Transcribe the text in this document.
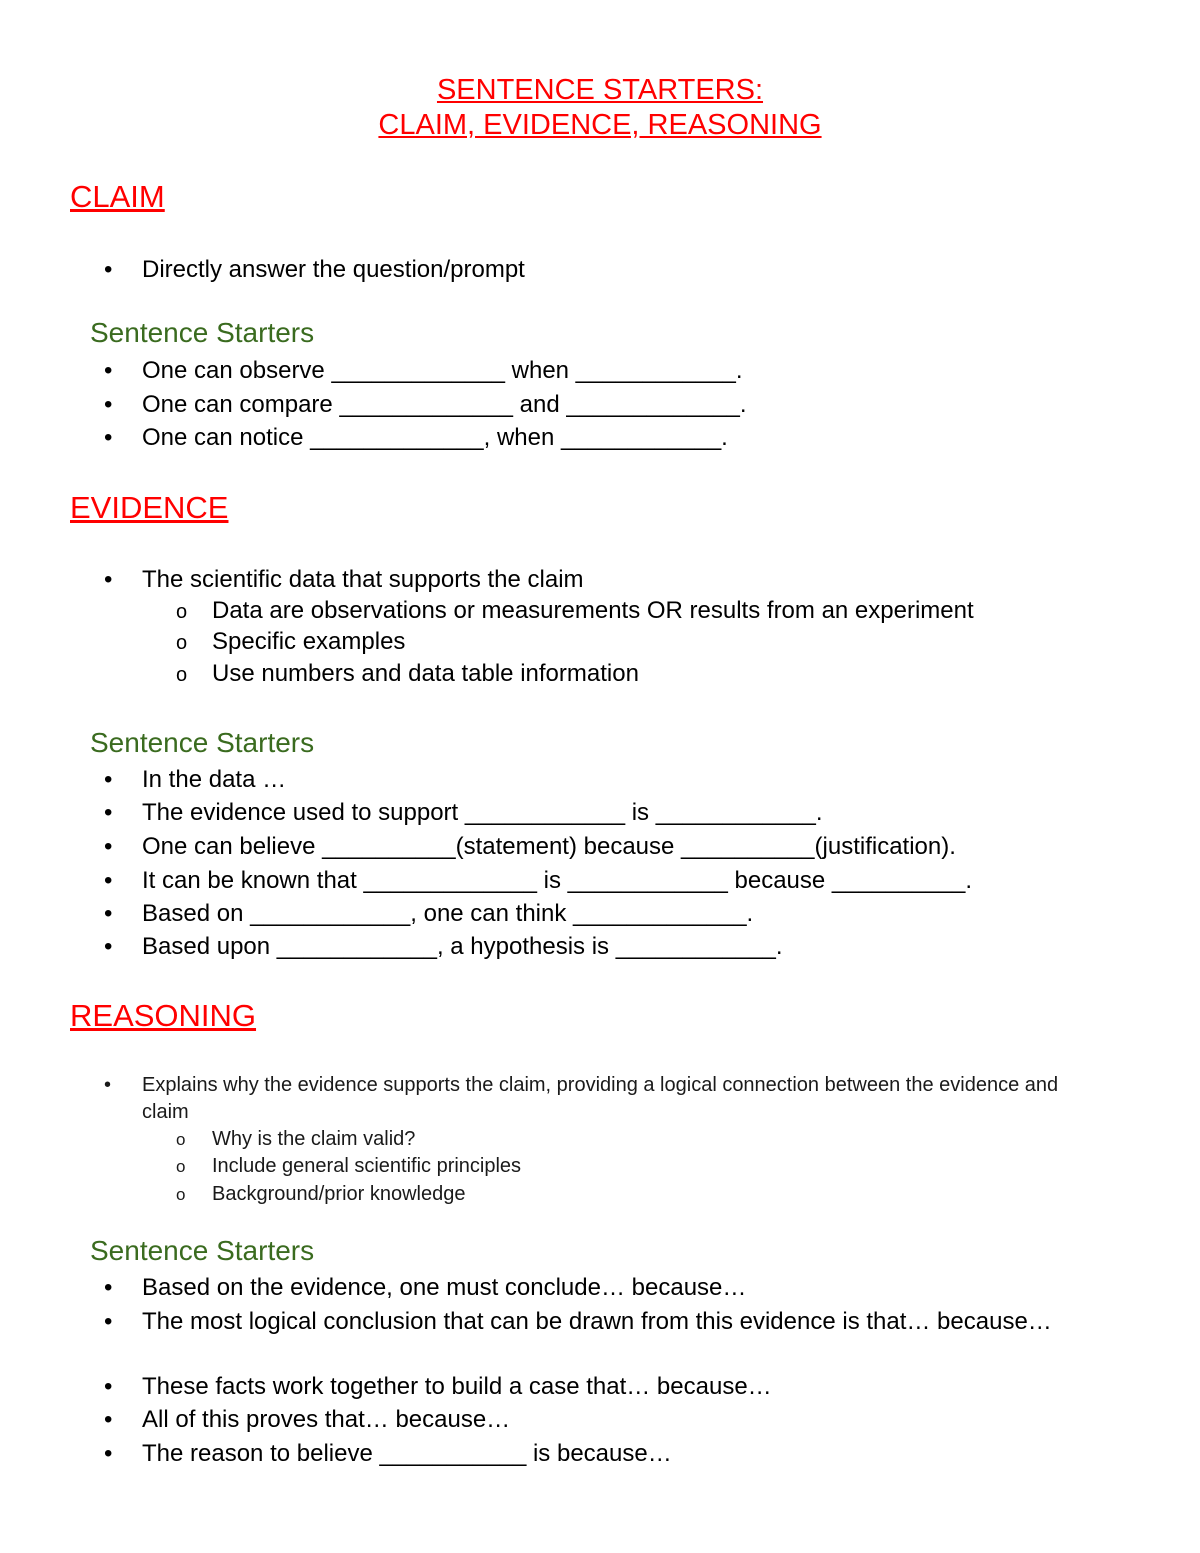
SENTENCE STARTERS:
CLAIM, EVIDENCE, REASONING
CLAIM
• Directly answer the question/prompt
Sentence Starters
• One can observe _____________ when ____________.
• One can compare _____________ and _____________.
• One can notice _____________, when ____________.
EVIDENCE
• The scientific data that supports the claim
o Data are observations or measurements OR results from an experiment
o Specific examples
o Use numbers and data table information
Sentence Starters
• In the data …
• The evidence used to support ____________ is ____________.
• One can believe __________(statement) because __________(justification).
• It can be known that _____________ is ____________ because __________.
• Based on ____________, one can think _____________.
• Based upon ____________, a hypothesis is ____________.
REASONING
• Explains why the evidence supports the claim, providing a logical connection between the evidence and claim
o Why is the claim valid?
o Include general scientific principles
o Background/prior knowledge
Sentence Starters
• Based on the evidence, one must conclude… because…
• The most logical conclusion that can be drawn from this evidence is that… because…
• These facts work together to build a case that… because…
• All of this proves that… because…
• The reason to believe ___________ is because…
